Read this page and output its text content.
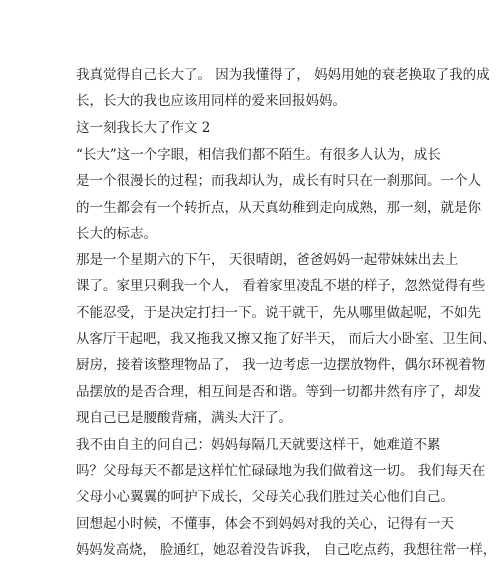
我真觉得自己长大了。 因为我懂得了， 妈妈用她的衰老换取了我的成
长，长大的我也应该用同样的爱来回报妈妈。
这一刻我长大了作文 2
“长大”这一个字眼，相信我们都不陌生。有很多人认为，成长
是一个很漫长的过程；而我却认为，成长有时只在一刹那间。一个人
的一生都会有一个转折点，从天真幼稚到走向成熟，那一刻，就是你
长大的标志。
那是一个星期六的下午， 天很晴朗，爸爸妈妈一起带妹妹出去上
课了。家里只剩我一个人， 看着家里凌乱不堪的样子，忽然觉得有些
不能忍受，于是决定打扫一下。说干就干，先从哪里做起呢，不如先
从客厅干起吧，我又拖我又擦又拖了好半天， 而后大小卧室、卫生间、
厨房，接着该整理物品了， 我一边考虑一边摆放物件，偶尔环视着物
品摆放的是否合理，相互间是否和谐。等到一切都井然有序了，却发
现自己已是腰酸背痛，满头大汗了。
我不由自主的问自己：妈妈每隔几天就要这样干，她难道不累
吗？父母每天不都是这样忙忙碌碌地为我们做着这一切。 我们每天在
父母小心翼翼的呵护下成长，父母关心我们胜过关心他们自己。
回想起小时候，不懂事，体会不到妈妈对我的关心，记得有一天
妈妈发高烧， 脸通红，她忍着没告诉我， 自己吃点药，我想往常一样，
